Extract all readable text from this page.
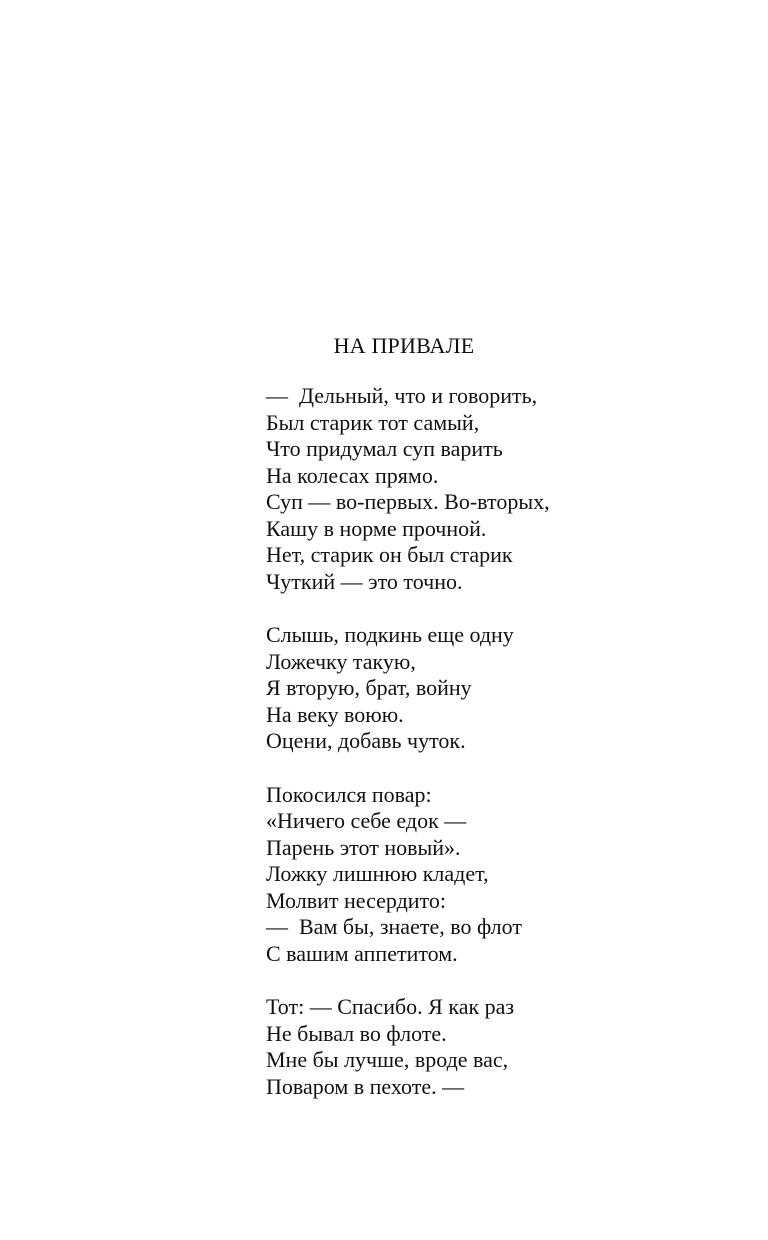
НА ПРИВАЛЕ
—  Дельный, что и говорить,
Был старик тот самый,
Что придумал суп варить
На колесах прямо.
Суп — во-первых. Во-вторых,
Кашу в норме прочной.
Нет, старик он был старик
Чуткий — это точно.
Слышь, подкинь еще одну
Ложечку такую,
Я вторую, брат, войну
На веку воюю.
Оцени, добавь чуток.
Покосился повар:
«Ничего себе едок —
Парень этот новый».
Ложку лишнюю кладет,
Молвит несердито:
—  Вам бы, знаете, во флот
С вашим аппетитом.
Тот: — Спасибо. Я как раз
Не бывал во флоте.
Мне бы лучше, вроде вас,
Поваром в пехоте. —
